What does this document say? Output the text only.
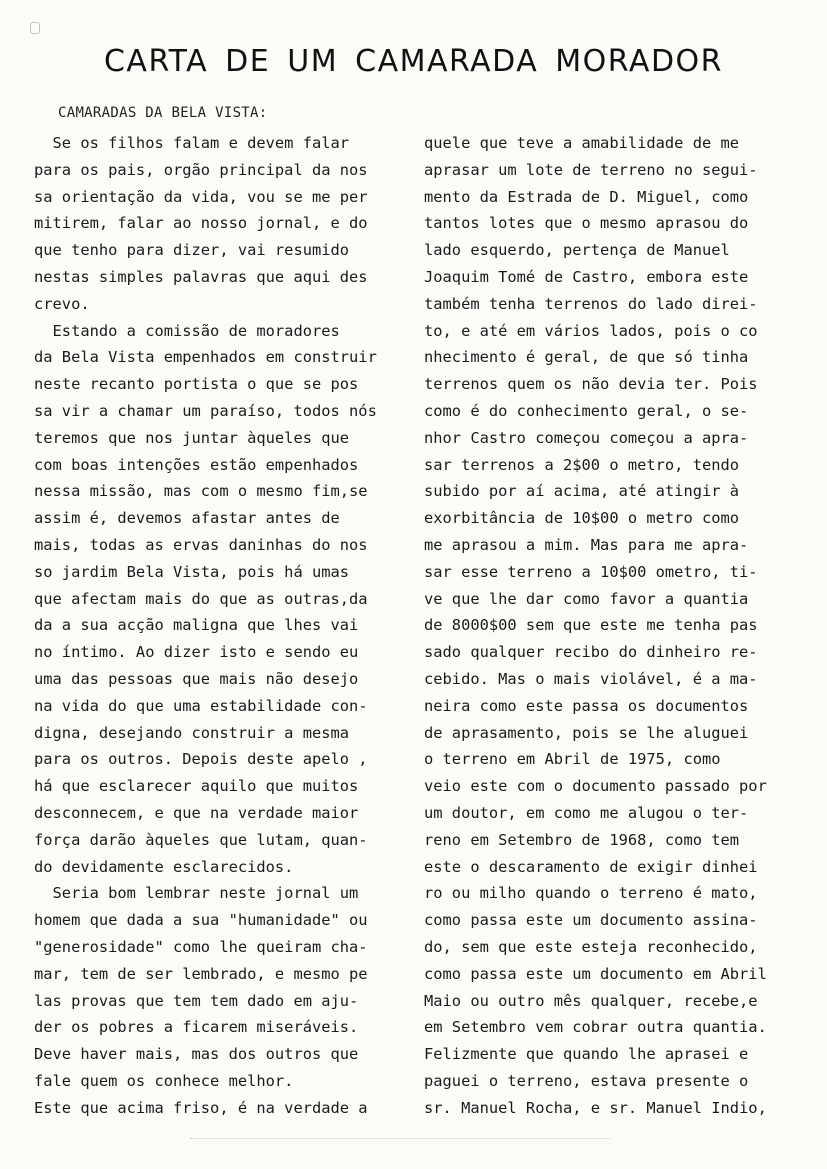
CARTA DE UM CAMARADA MORADOR
CAMARADAS DA BELA VISTA:
Se os filhos falam e devem falar
para os pais, orgão principal da nos
sa orientação da vida, vou se me per
mitirem, falar ao nosso jornal, e do
que tenho para dizer, vai resumido
nestas simples palavras que aqui des
crevo.
Estando a comissão de moradores
da Bela Vista empenhados em construir
neste recanto portista o que se pos
sa vir a chamar um paraíso, todos nós
teremos que nos juntar àqueles que
com boas intenções estão empenhados
nessa missão, mas com o mesmo fim,se
assim é, devemos afastar antes de
mais, todas as ervas daninhas do nos
so jardim Bela Vista, pois há umas
que afectam mais do que as outras,da
da a sua acção maligna que lhes vai
no íntimo. Ao dizer isto e sendo eu
uma das pessoas que mais não desejo
na vida do que uma estabilidade con-
digna, desejando construir a mesma
para os outros. Depois deste apelo ,
há que esclarecer aquilo que muitos
desconnecem, e que na verdade maior
força darão àqueles que lutam, quan-
do devidamente esclarecidos.
Seria bom lembrar neste jornal um
homem que dada a sua "humanidade" ou
"generosidade" como lhe queiram cha-
mar, tem de ser lembrado, e mesmo pe
las provas que tem tem dado em aju-
der os pobres a ficarem miseráveis.
Deve haver mais, mas dos outros que
fale quem os conhece melhor.
Este que acima friso, é na verdade a
quele que teve a amabilidade de me
aprasar um lote de terreno no segui-
mento da Estrada de D. Miguel, como
tantos lotes que o mesmo aprasou do
lado esquerdo, pertença de Manuel
Joaquim Tomé de Castro, embora este
também tenha terrenos do lado direi-
to, e até em vários lados, pois o co
nhecimento é geral, de que só tinha
terrenos quem os não devia ter. Pois
como é do conhecimento geral, o se-
nhor Castro começou começou a apra-
sar terrenos a 2$00 o metro, tendo
subido por aí acima, até atingir à
exorbitância de 10$00 o metro como
me aprasou a mim. Mas para me apra-
sar esse terreno a 10$00 ometro, ti-
ve que lhe dar como favor a quantia
de 8000$00 sem que este me tenha pas
sado qualquer recibo do dinheiro re-
cebido. Mas o mais violável, é a ma-
neira como este passa os documentos
de aprasamento, pois se lhe aluguei
o terreno em Abril de 1975, como
veio este com o documento passado por
um doutor, em como me alugou o ter-
reno em Setembro de 1968, como tem
este o descaramento de exigir dinhei
ro ou milho quando o terreno é mato,
como passa este um documento assina-
do, sem que este esteja reconhecido,
como passa este um documento em Abril
Maio ou outro mês qualquer, recebe,e
em Setembro vem cobrar outra quantia.
Felizmente que quando lhe aprasei e
paguei o terreno, estava presente o
sr. Manuel Rocha, e sr. Manuel Indio,
